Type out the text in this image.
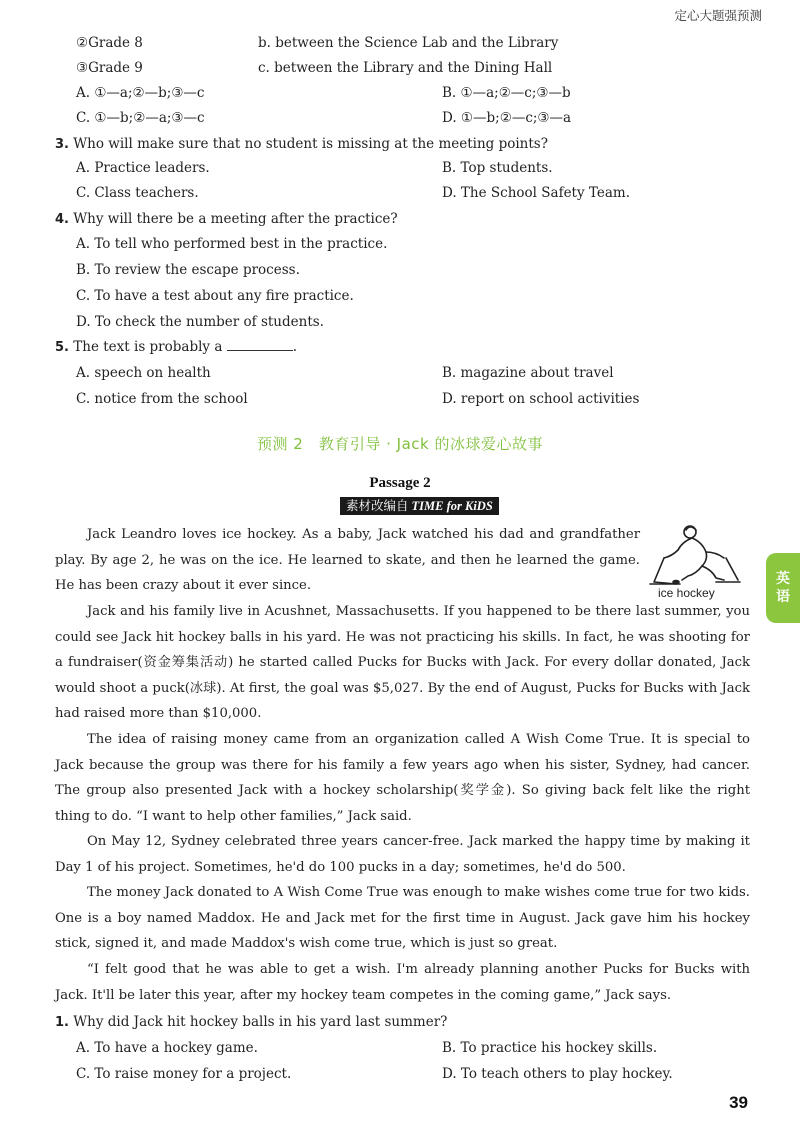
定心大题强预测
②Grade 8	b. between the Science Lab and the Library
③Grade 9	c. between the Library and the Dining Hall
A. ①—a;②—b;③—c	B. ①—a;②—c;③—b
C. ①—b;②—a;③—c	D. ①—b;②—c;③—a
3. Who will make sure that no student is missing at the meeting points?
A. Practice leaders.	B. Top students.
C. Class teachers.	D. The School Safety Team.
4. Why will there be a meeting after the practice?
A. To tell who performed best in the practice.
B. To review the escape process.
C. To have a test about any fire practice.
D. To check the number of students.
5. The text is probably a	.
A. speech on health	B. magazine about travel
C. notice from the school	D. report on school activities
预测 2　教育引导 · Jack 的冰球爱心故事
Passage 2
素材改编自 TIME for KiDS
ice hockey
英
语
Jack Leandro loves ice hockey. As a baby, Jack watched his dad and grandfather play. By age 2, he was on the ice. He learned to skate, and then he learned the game. He has been crazy about it ever since.
Jack and his family live in Acushnet, Massachusetts. If you happened to be there last summer, you could see Jack hit hockey balls in his yard. He was not practicing his skills. In fact, he was shooting for a fundraiser(资金筹集活动) he started called Pucks for Bucks with Jack. For every dollar donated, Jack would shoot a puck(冰球). At first, the goal was $5,027. By the end of August, Pucks for Bucks with Jack had raised more than $10,000.
The idea of raising money came from an organization called A Wish Come True. It is special to Jack because the group was there for his family a few years ago when his sister, Sydney, had cancer. The group also presented Jack with a hockey scholarship(奖学金). So giving back felt like the right thing to do. “I want to help other families,” Jack said.
On May 12, Sydney celebrated three years cancer-free. Jack marked the happy time by making it Day 1 of his project. Sometimes, he'd do 100 pucks in a day; sometimes, he'd do 500.
The money Jack donated to A Wish Come True was enough to make wishes come true for two kids. One is a boy named Maddox. He and Jack met for the first time in August. Jack gave him his hockey stick, signed it, and made Maddox's wish come true, which is just so great.
“I felt good that he was able to get a wish. I'm already planning another Pucks for Bucks with Jack. It'll be later this year, after my hockey team competes in the coming game,” Jack says.
1. Why did Jack hit hockey balls in his yard last summer?
A. To have a hockey game.	B. To practice his hockey skills.
C. To raise money for a project.	D. To teach others to play hockey.
39
